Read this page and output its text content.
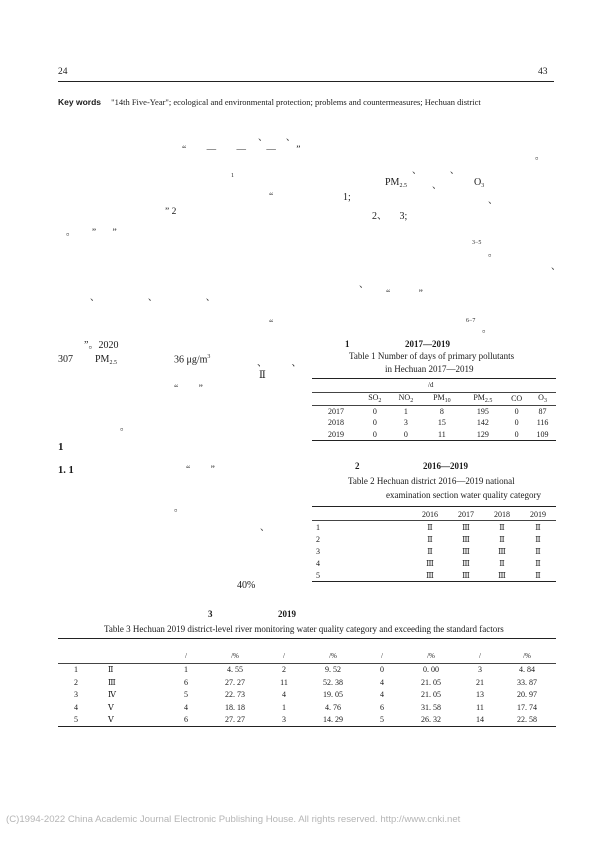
24	43
Key words "14th Five-Year"; ecological and environmental protection; problems and countermeasures; Hechuan district
、 、
“ — — — ”
1
“
” 2
。 ” ”
、 、 、
“
”。2020
307 $PM_{2.5}$	36 $\mu g/m^3$
、 、
Ⅱ
“ ”
。
1
1. 1	“ ”
。
、
40%
。
、 、
$PM_{2.5}$	、	$O_3$
1;	、
2、 3;
3−5
。
、
、
“ ”
6−7
。
1	2017—2019
Table 1 Number of days of primary pollutants
in Hechuan 2017—2019
/d
	$SO_2$	$NO_2$	$PM_{10}$	$PM_{2.5}$	CO	$O_3$
2017	0	1	8	195	0	87
2018	0	3	15	142	0	116
2019	0	0	11	129	0	109
2	2016—2019
Table 2 Hechuan district 2016—2019 national
examination section water quality category
	2016	2017	2018	2019
1	Ⅱ	Ⅲ	Ⅱ	Ⅱ
2	Ⅱ	Ⅲ	Ⅱ	Ⅱ
3	Ⅱ	Ⅲ	Ⅲ	Ⅱ
4	Ⅲ	Ⅲ	Ⅱ	Ⅱ
5	Ⅲ	Ⅲ	Ⅲ	Ⅱ
3	2019
Table 3 Hechuan 2019 district-level river monitoring water quality category and exceeding the standard factors
		/	/%	/	/%	/	/%	/	/%
1	Ⅱ	1	4. 55	2	9. 52	0	0. 00	3	4. 84
2	Ⅲ	6	27. 27	11	52. 38	4	21. 05	21	33. 87
3	Ⅳ	5	22. 73	4	19. 05	4	21. 05	13	20. 97
4	Ⅴ	4	18. 18	1	4. 76	6	31. 58	11	17. 74
5	Ⅴ	6	27. 27	3	14. 29	5	26. 32	14	22. 58
(C)1994-2022 China Academic Journal Electronic Publishing House. All rights reserved. http://www.cnki.net
